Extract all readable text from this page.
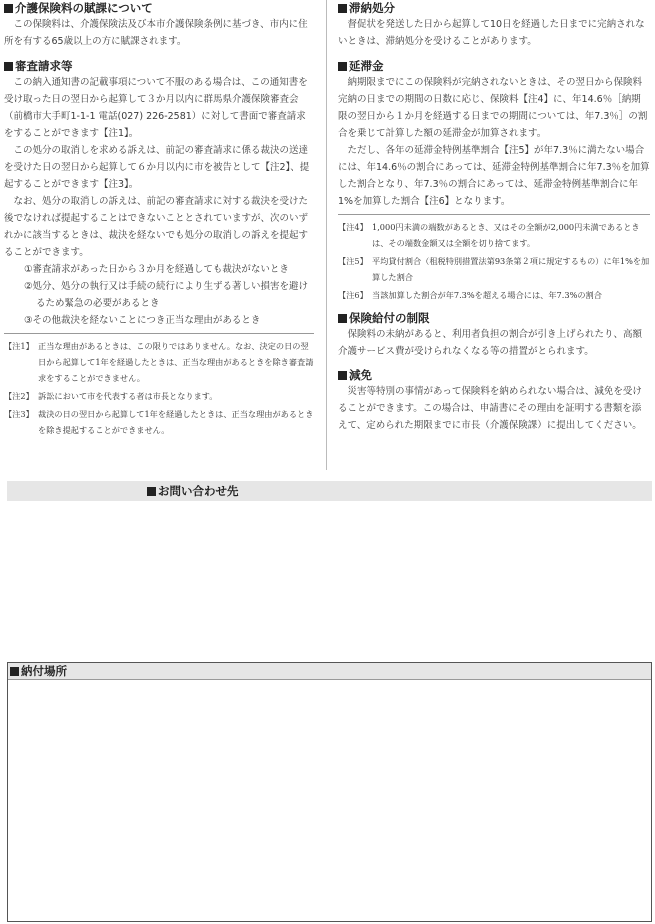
介護保険料の賦課について

この保険料は、介護保険法及び本市介護保険条例に基づき、市内に住所を有する65歳以上の方に賦課されます。

審査請求等

この納入通知書の記載事項について不服のある場合は、この通知書を受け取った日の翌日から起算して３か月以内に群馬県介護保険審査会（前橋市大手町1-1-1 電話(027) 226-2581）に対して書面で審査請求をすることができます【注1】。

この処分の取消しを求める訴えは、前記の審査請求に係る裁決の送達を受けた日の翌日から起算して６か月以内に市を被告として【注2】、提起することができます【注3】。

なお、処分の取消しの訴えは、前記の審査請求に対する裁決を受けた後でなければ提起することはできないこととされていますが、次のいずれかに該当するときは、裁決を経ないでも処分の取消しの訴えを提起することができます。

①審査請求があった日から３か月を経過しても裁決がないとき
②処分、処分の執行又は手続の続行により生ずる著しい損害を避けるため緊急の必要があるとき
③その他裁決を経ないことにつき正当な理由があるとき
【注1】 正当な理由があるときは、この限りではありません。なお、決定の日の翌日から起算して1年を経過したときは、正当な理由があるときを除き審査請求をすることができません。
【注2】 訴訟において市を代表する者は市長となります。
【注3】 裁決の日の翌日から起算して1年を経過したときは、正当な理由があるときを除き提起することができません。
滞納処分

督促状を発送した日から起算して10日を経過した日までに完納されないときは、滞納処分を受けることがあります。

延滞金

納期限までにこの保険料が完納されないときは、その翌日から保険料完納の日までの期間の日数に応じ、保険料【注4】に、年14.6％［納期限の翌日から１か月を経過する日までの期間については、年7.3％］の割合を乗じて計算した額の延滞金が加算されます。

ただし、各年の延滞金特例基準割合【注5】が年7.3％に満たない場合には、年14.6％の割合にあっては、延滞金特例基準割合に年7.3％を加算した割合となり、年7.3％の割合にあっては、延滞金特例基準割合に年1%を加算した割合【注6】となります。

【注4】 1,000円未満の端数があるとき、又はその全額が2,000円未満であるときは、その端数金額又は全額を切り捨てます。
【注5】 平均貸付割合（租税特別措置法第93条第２項に規定するもの）に年1%を加算した割合
【注6】 当該加算した割合が年7.3%を超える場合には、年7.3%の割合
保険給付の制限

保険料の未納があると、利用者負担の割合が引き上げられたり、高額介護サービス費が受けられなくなる等の措置がとられます。

減免

災害等特別の事情があって保険料を納められない場合は、減免を受けることができます。この場合は、申請書にその理由を証明する書類を添えて、定められた期限までに市長（介護保険課）に提出してください。

お問い合わせ先
納付場所
